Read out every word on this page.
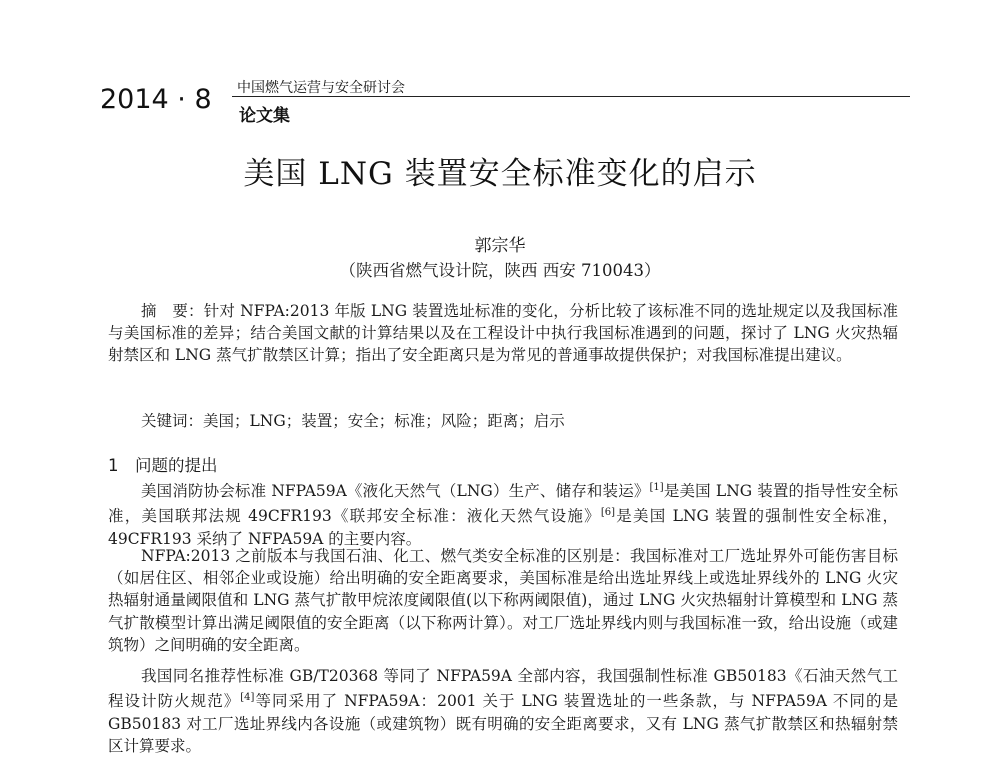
2014 · 8 中国燃气运营与安全研讨会
论文集
美国 LNG 装置安全标准变化的启示
郭宗华
（陕西省燃气设计院，陕西 西安 710043）
摘　要：针对 NFPA:2013 年版 LNG 装置选址标准的变化，分析比较了该标准不同的选址规定以及我国标准与美国标准的差异；结合美国文献的计算结果以及在工程设计中执行我国标准遇到的问题，探讨了 LNG 火灾热辐射禁区和 LNG 蒸气扩散禁区计算；指出了安全距离只是为常见的普通事故提供保护；对我国标准提出建议。
关键词：美国；LNG；装置；安全；标准；风险；距离；启示
1　问题的提出
美国消防协会标准 NFPA59A《液化天然气（LNG）生产、储存和装运》[1]是美国 LNG 装置的指导性安全标准，美国联邦法规 49CFR193《联邦安全标准：液化天然气设施》[6]是美国 LNG 装置的强制性安全标准，49CFR193 采纳了 NFPA59A 的主要内容。
NFPA:2013 之前版本与我国石油、化工、燃气类安全标准的区别是：我国标准对工厂选址界外可能伤害目标（如居住区、相邻企业或设施）给出明确的安全距离要求，美国标准是给出选址界线上或选址界线外的 LNG 火灾热辐射通量阈限值和 LNG 蒸气扩散甲烷浓度阈限值(以下称两阈限值)，通过 LNG 火灾热辐射计算模型和 LNG 蒸气扩散模型计算出满足阈限值的安全距离（以下称两计算）。对工厂选址界线内则与我国标准一致，给出设施（或建筑物）之间明确的安全距离。
我国同名推荐性标准 GB/T20368 等同了 NFPA59A 全部内容，我国强制性标准 GB50183《石油天然气工程设计防火规范》[4]等同采用了 NFPA59A：2001 关于 LNG 装置选址的一些条款，与 NFPA59A 不同的是 GB50183 对工厂选址界线内各设施（或建筑物）既有明确的安全距离要求，又有 LNG 蒸气扩散禁区和热辐射禁区计算要求。
